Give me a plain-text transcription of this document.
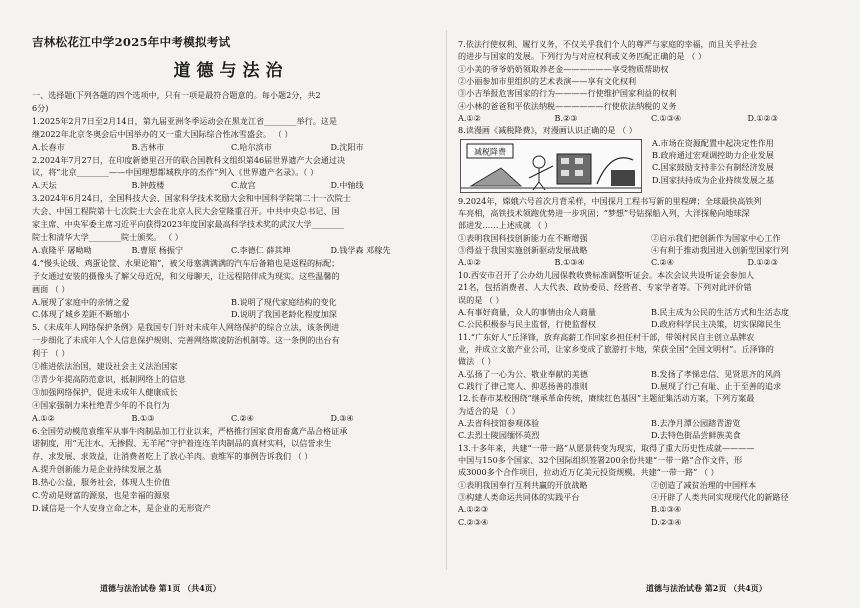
吉林松花江中学2025年中考模拟考试
道德与法治

一、选择题(下列各题的四个选项中，只有一项是最符合题意的。每小题2分，共2

6分)

1.2025年2月7日至2月14日，第九届亚洲冬季运动会在黑龙江省________举行。这是

继2022年北京冬奥会后中国举办的又一重大国际综合性冰雪盛会。 （ ）

A.长春市	B.吉林市	C.哈尔滨市	D.沈阳市

2.2024年7月27日，在印度新德里召开的联合国教科文组织第46届世界遗产大会通过决

议，将“北京________——中国理想都城秩序的杰作”列入《世界遗产名录》。（ ）

A.天坛	B.钟鼓楼	C.故宫	D.中轴线

3.2024年6月24日，全国科技大会、国家科学技术奖励大会和中国科学院第二十一次院士

大会、中国工程院第十七次院士大会在北京人民大会堂隆重召开。中共中央总书记、国

家主席、中央军委主席习近平向获得2023年度国家最高科学技术奖的武汉大学________

院士和清华大学________院士颁奖。 （ ）

A.袁隆平 屠呦呦	B.曹原 杨振宁	C.李德仁 薛其坤	D.钱学森 邓稼先

4.“慢头论级、鸡蛋论筐、水果论箱”，被父母塞满满满的汽车后备箱也是返程的标配；

子女通过安装的摄像头了解父母近况，和父母聊天，让远程陪伴成为现实。这些温馨的

画面 （ ）

A.展现了家庭中的亲情之爱	B.说明了现代家庭结构的变化
C.体现了城乡差距不断缩小	D.说明了我国老龄化程度加深

5.《未成年人网络保护条例》是我国专门针对未成年人网络保护的综合立法，该条例进

一步细化了未成年人个人信息保护规则、完善网络欺凌防治机制等。这一条例的出台有

利于 （ ）

①推进依法治国，建设社会主义法治国家

②青少年提高防范意识，抵制网络上的信息

③加强网络保护，促进未成年人健康成长

④国家强制力来杜绝青少年的不良行为

A.①②	B.①③	C.②④	D.③④

6.全国劳动模范袁维军从事牛肉制品加工行业以来，严格推行国家食用畜禽产品合格证承

诺制度，用“无注水、无掺假、无羊尾”守护着连连羊肉制品的真材实料，以信誉求生

存、求发展、求效益，让消费者吃上了放心羊肉。袁维军的事例告诉我们 （ ）

A.提升创新能力是企业持续发展之基

B.热心公益，服务社会，体现人生价值

C.劳动是财富的源泉，也是幸福的源泉

D.诚信是一个人安身立命之本，是企业的无形资产

7.依法行使权利、履行义务，不仅关乎我们个人的尊严与家庭的幸福，而且关乎社会

的进步与国家的发展。下列行为与对应权利或义务匹配正确的是 （ ）

①小美的爷爷奶奶领取养老金——————享受物质帮助权

②小丽参加市里组织的艺术表演——享有文化权利

③小吉举报危害国家的行为————行使维护国家利益的权利

④小林的爸爸和平依法纳税——————行使依法纳税的义务

A.①②	B.②③	C.①③④	D.①②③

8.读漫画《减税降费》，对漫画认识正确的是 （ ）

减税降费

A.市场在资源配置中起决定性作用

B.政府通过宏观调控助力企业发展

C.国家鼓励支持非公有制经济发展

D.国家扶持成为企业持续发展之基

9.2024年，嫦娥六号首次月背采样，中国探月工程书写新的里程碑；全球最快高铁列

车亮相，高铁技术领跑优势进一步巩固；“梦想”号钻探船入列，大洋探秘向地球深

部进发……上述成就 （ ）

①表明我国科技创新能力在不断增强	②启示我们把创新作为国家中心工作
③得益于我国实施创新驱动发展战略	④有利于推动我国进入创新型国家行列
A.①②	B.①③④	C.②④	D.①②③

10.西安市召开了公办幼儿园保教收费标准调整听证会。本次会议共设听证会参加人

21名，包括消费者、人大代表、政协委员、经营者、专家学者等。下列对此评价错

误的是 （ ）

A.有事好商量，众人的事情由众人商量	B.民主成为公民的生活方式和生活态度
C.公民积极参与民主监督，行使监督权	D.政府科学民主决策，切实保障民生

11.“广东好人”丘泽锋，放弃高薪工作回家乡担任村干部，带领村民自主创立品牌农

业，并成立文旅产业公司，让家乡变成了旅游打卡地，荣获全国“全国文明村”。丘泽锋的

做法 （ ）

A.弘扬了一心为公、敬业奉献的美德	B.发扬了孝悌忠信、见贤思齐的风尚
C.践行了律己宽人、抑恶扬善的准则	D.展现了行己有耻、止于至善的追求

12.长春市某校围绕“继承革命传统，赓续红色基因”主题征集活动方案，下列方案最

为适合的是 （ ）

A.去省科技馆参观体验	B.去净月潭公园踏青游览
C.去烈士陵园缅怀英烈	D.去特色街品尝鲜族美食

13.十多年来，共建“一带一路”从愿景转变为现实，取得了重大历史性成就————

中国与150多个国家、32个国际组织签署200余份共建“一带一路”合作文件，形

成3000多个合作项目，拉动近万亿美元投资规模。共建“一带一路” （ ）

①表明我国奉行互利共赢的开放战略	②创造了减贫治理的中国样本
③构建人类命运共同体的实践平台	④开辟了人类共同实现现代化的新路径
A.①②③	B.①③④
C.②③④	D.②③④
道德与法治试卷 第1页 （共4页）	道德与法治试卷 第2页 （共4页）
